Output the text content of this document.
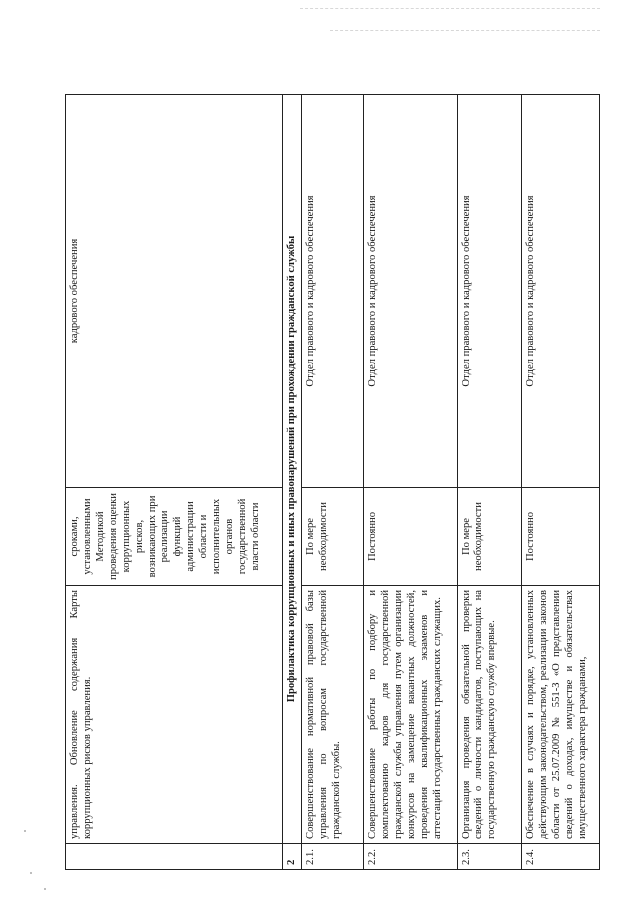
	управления. Обновление содержания Карты коррупционных рисков управления.	сроками, установленными Методикой проведения оценки коррупционных рисков, возникающих при реализации функций администрации области и исполнительных органов государственной власти области	кадрового обеспечения
2	Профилактика коррупционных и иных правонарушений при прохождении гражданской службы		
2.1.	Совершенствование нормативной правовой базы управления по вопросам государственной гражданской службы.	По мере необходимости	Отдел правового и кадрового обеспечения
2.2.	Совершенствование работы по подбору и комплектованию кадров для государственной гражданской службы управления путем организации конкурсов на замещение вакантных должностей, проведения квалификационных экзаменов и аттестаций государственных гражданских служащих.	Постоянно	Отдел правового и кадрового обеспечения
2.3.	Организация проведения обязательной проверки сведений о личности кандидатов, поступающих на государственную гражданскую службу впервые.	По мере необходимости	Отдел правового и кадрового обеспечения
2.4.	Обеспечение в случаях и порядке, установленных действующим законодательством, реализации законов области от 25.07.2009 № 551-З «О представлении сведений о доходах, имуществе и обязательствах имущественного характера гражданами,	Постоянно	Отдел правового и кадрового обеспечения
